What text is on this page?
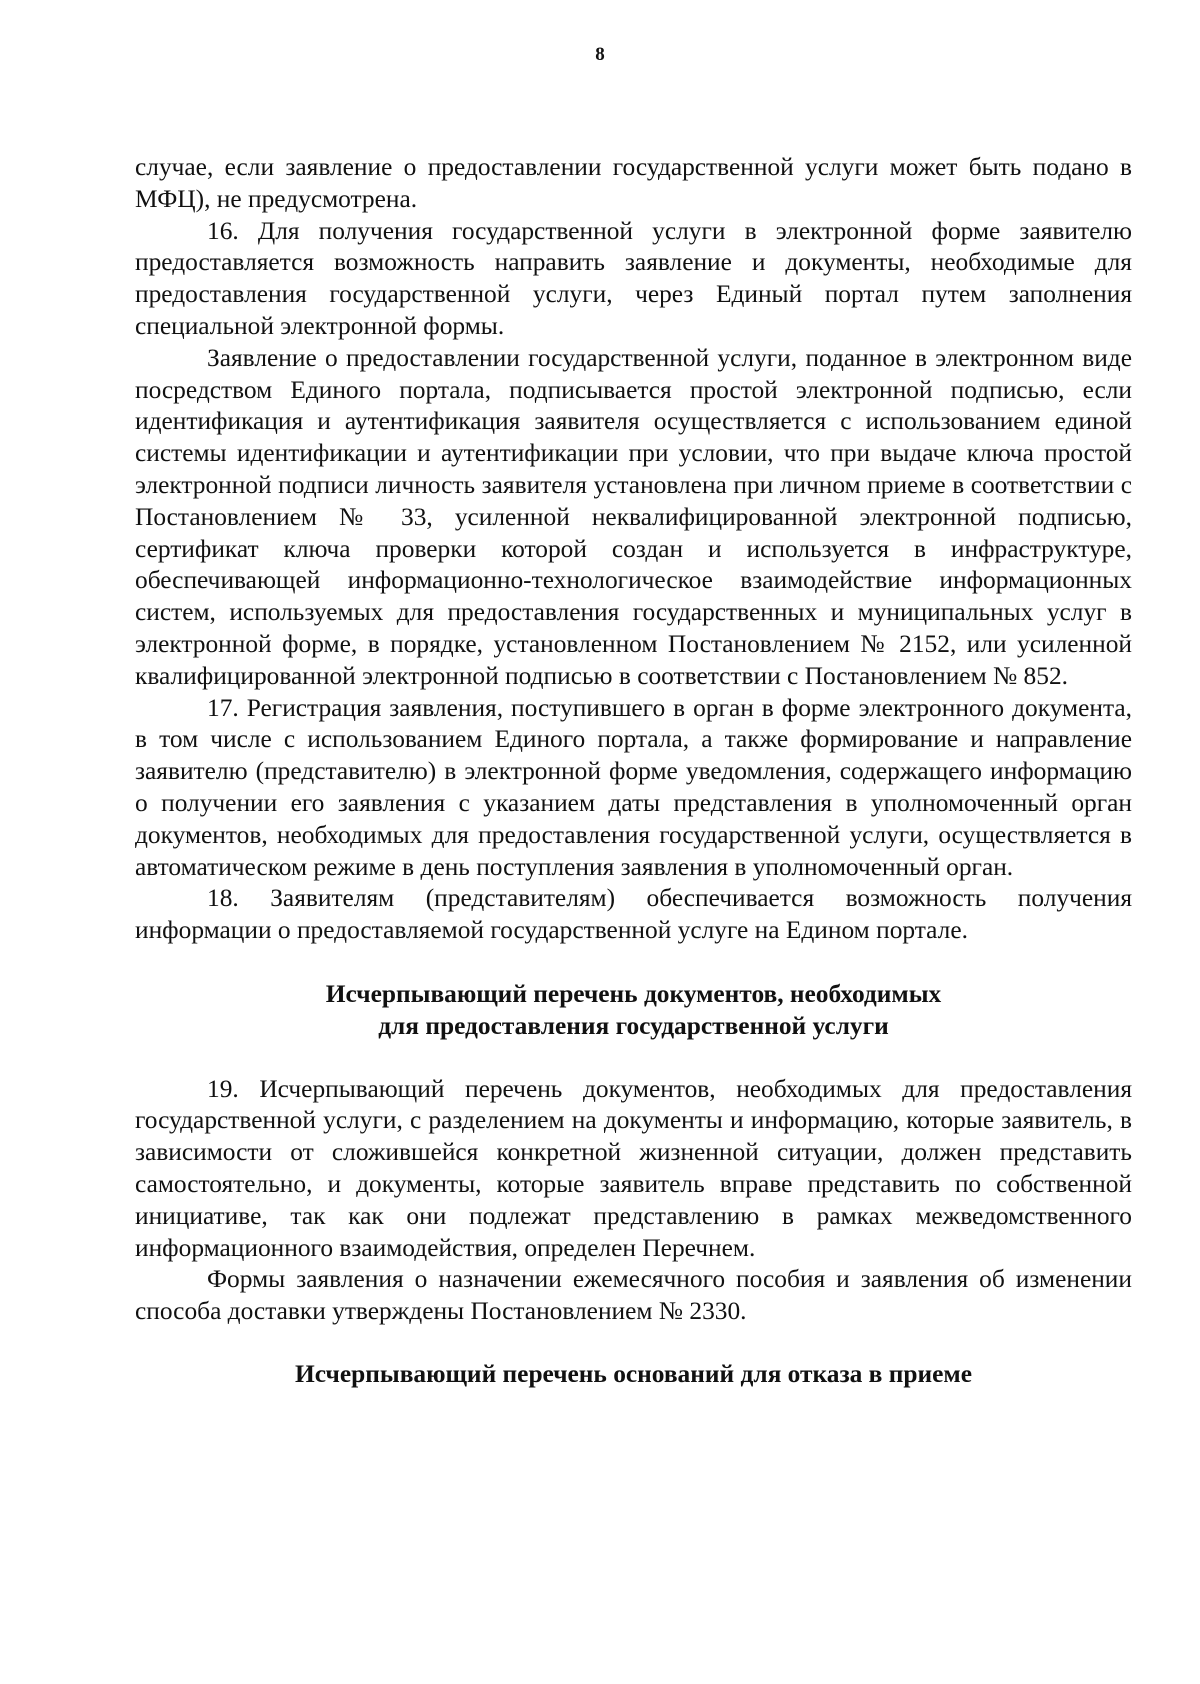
8

случае, если заявление о предоставлении государственной услуги может быть подано в МФЦ), не предусмотрена.

16. Для получения государственной услуги в электронной форме заявителю предоставляется возможность направить заявление и документы, необходимые для предоставления государственной услуги, через Единый портал путем заполнения специальной электронной формы.

Заявление о предоставлении государственной услуги, поданное в электронном виде посредством Единого портала, подписывается простой электронной подписью, если идентификация и аутентификация заявителя осуществляется с использованием единой системы идентификации и аутентификации при условии, что при выдаче ключа простой электронной подписи личность заявителя установлена при личном приеме в соответствии с Постановлением № 33, усиленной неквалифицированной электронной подписью, сертификат ключа проверки которой создан и используется в инфраструктуре, обеспечивающей информационно-технологическое взаимодействие информационных систем, используемых для предоставления государственных и муниципальных услуг в электронной форме, в порядке, установленном Постановлением № 2152, или усиленной квалифицированной электронной подписью в соответствии с Постановлением № 852.

17. Регистрация заявления, поступившего в орган в форме электронного документа, в том числе с использованием Единого портала, а также формирование и направление заявителю (представителю) в электронной форме уведомления, содержащего информацию о получении его заявления с указанием даты представления в уполномоченный орган документов, необходимых для предоставления государственной услуги, осуществляется в автоматическом режиме в день поступления заявления в уполномоченный орган.

18. Заявителям (представителям) обеспечивается возможность получения информации о предоставляемой государственной услуге на Едином портале.

Исчерпывающий перечень документов, необходимых
для предоставления государственной услуги

19. Исчерпывающий перечень документов, необходимых для предоставления государственной услуги, с разделением на документы и информацию, которые заявитель, в зависимости от сложившейся конкретной жизненной ситуации, должен представить самостоятельно, и документы, которые заявитель вправе представить по собственной инициативе, так как они подлежат представлению в рамках межведомственного информационного взаимодействия, определен Перечнем.

Формы заявления о назначении ежемесячного пособия и заявления об изменении способа доставки утверждены Постановлением № 2330.

Исчерпывающий перечень оснований для отказа в приеме
